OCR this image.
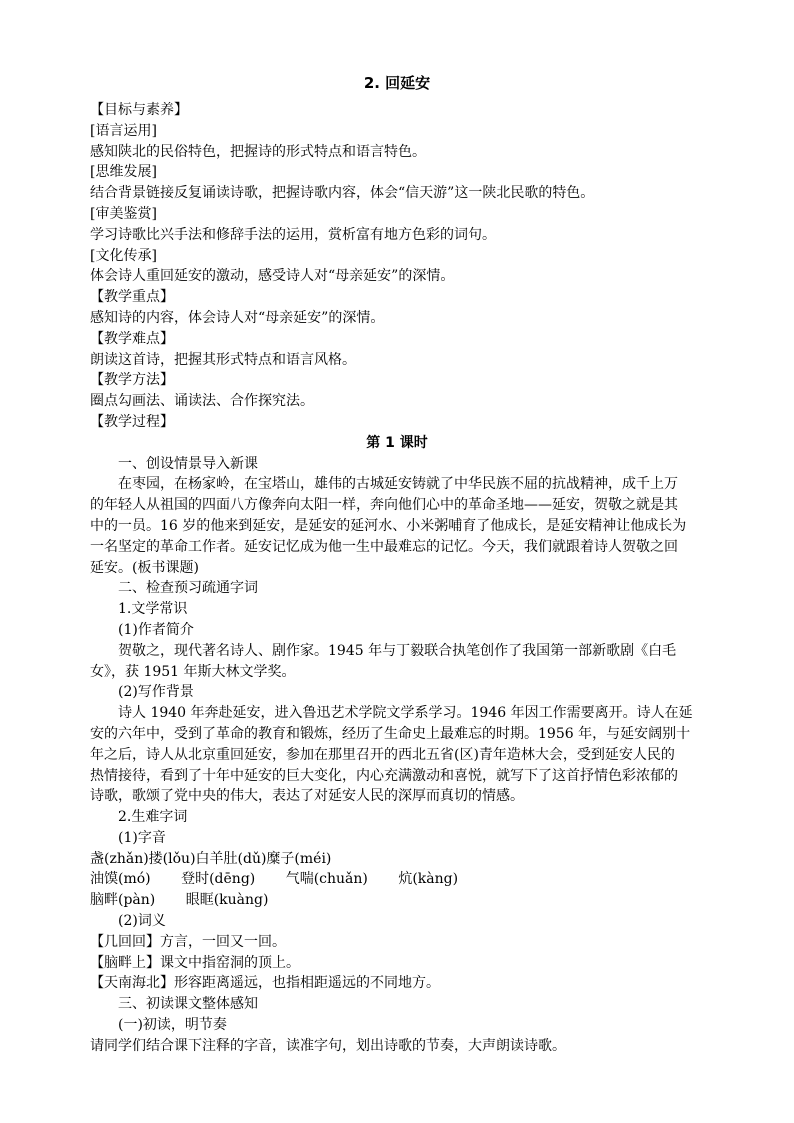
2. 回延安
【目标与素养】
[语言运用]
感知陕北的民俗特色，把握诗的形式特点和语言特色。
[思维发展]
结合背景链接反复诵读诗歌，把握诗歌内容，体会“信天游”这一陕北民歌的特色。
[审美鉴赏]
学习诗歌比兴手法和修辞手法的运用，赏析富有地方色彩的词句。
[文化传承]
体会诗人重回延安的激动，感受诗人对“母亲延安”的深情。
【教学重点】
感知诗的内容，体会诗人对“母亲延安”的深情。
【教学难点】
朗读这首诗，把握其形式特点和语言风格。
【教学方法】
圈点勾画法、诵读法、合作探究法。
【教学过程】
第 1 课时
一、创设情景导入新课
在枣园，在杨家岭，在宝塔山，雄伟的古城延安铸就了中华民族不屈的抗战精神，成千上万
的年轻人从祖国的四面八方像奔向太阳一样，奔向他们心中的革命圣地——延安，贺敬之就是其
中的一员。16 岁的他来到延安，是延安的延河水、小米粥哺育了他成长，是延安精神让他成长为
一名坚定的革命工作者。延安记忆成为他一生中最难忘的记忆。今天，我们就跟着诗人贺敬之回
延安。(板书课题)
二、检查预习疏通字词
1.文学常识
(1)作者简介
贺敬之，现代著名诗人、剧作家。1945 年与丁毅联合执笔创作了我国第一部新歌剧《白毛
女》，获 1951 年斯大林文学奖。
(2)写作背景
诗人 1940 年奔赴延安，进入鲁迅艺术学院文学系学习。1946 年因工作需要离开。诗人在延
安的六年中，受到了革命的教育和锻炼，经历了生命史上最难忘的时期。1956 年，与延安阔别十
年之后，诗人从北京重回延安，参加在那里召开的西北五省(区)青年造林大会，受到延安人民的
热情接待，看到了十年中延安的巨大变化，内心充满激动和喜悦，就写下了这首抒情色彩浓郁的
诗歌，歌颂了党中央的伟大，表达了对延安人民的深厚而真切的情感。
2.生难字词
(1)字音
盏(zhǎn)搂(lǒu)白羊肚(dǔ)糜子(méi)
油馍(mó) 登时(dēng) 气喘(chuǎn) 炕(kàng)
脑畔(pàn) 眼眶(kuàng)
(2)词义
【几回回】方言，一回又一回。
【脑畔上】课文中指窑洞的顶上。
【天南海北】形容距离遥远，也指相距遥远的不同地方。
三、初读课文整体感知
(一)初读，明节奏
请同学们结合课下注释的字音，读准字句，划出诗歌的节奏，大声朗读诗歌。
